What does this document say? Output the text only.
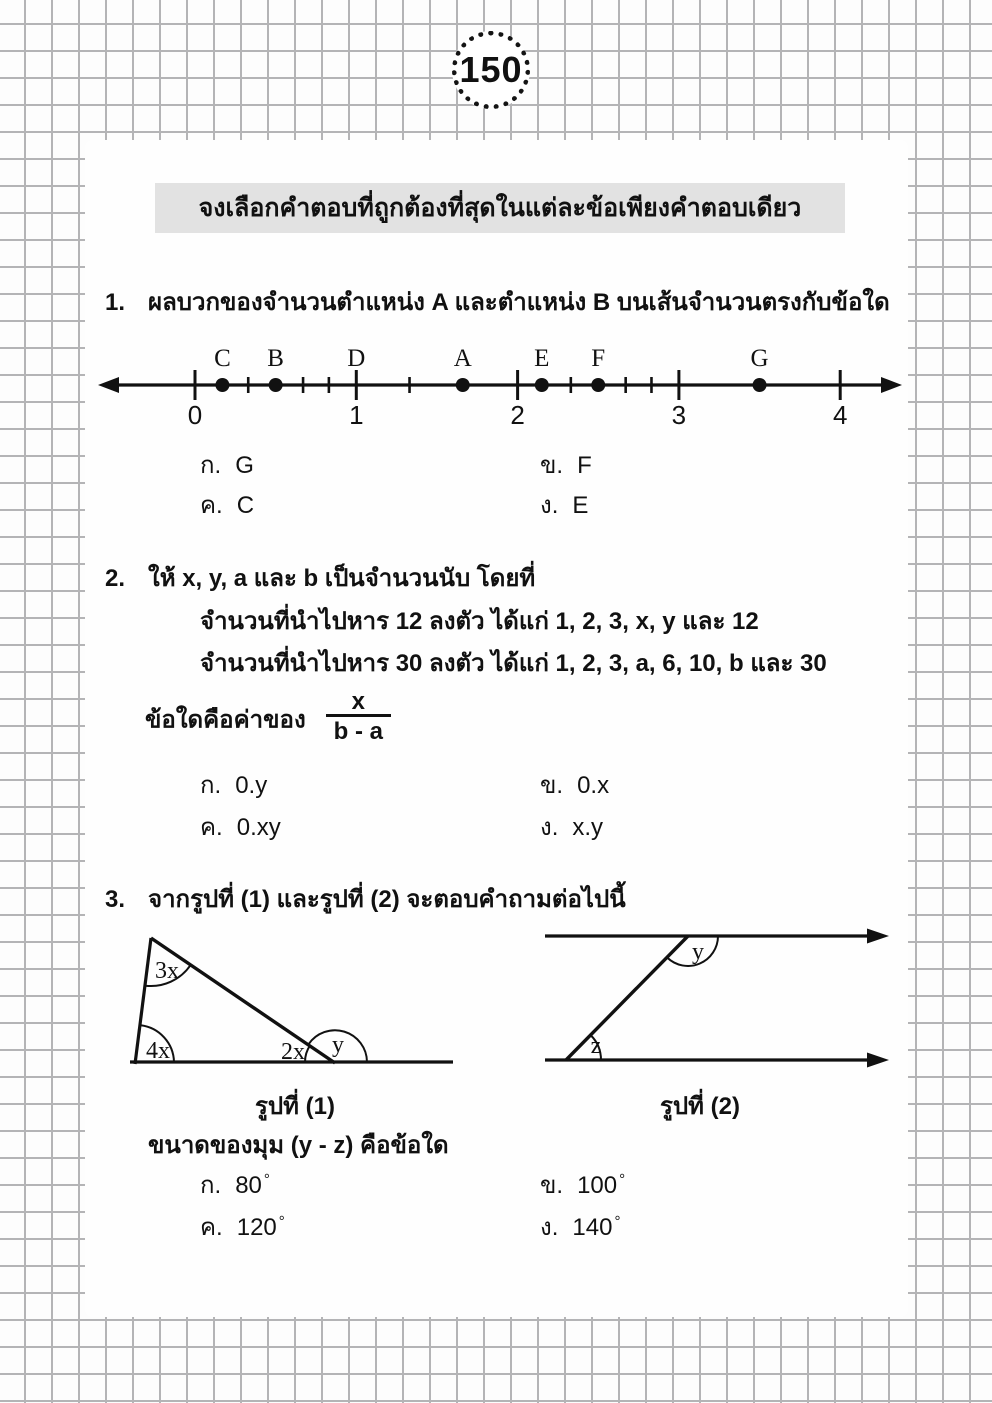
150
จงเลือกคำตอบที่ถูกต้องที่สุดในแต่ละข้อเพียงคำตอบเดียว
1. ผลบวกของจำนวนตำแหน่ง A และตำแหน่ง B บนเส้นจำนวนตรงกับข้อใด
0	1	2	3	4
C B	D	A E F	G
ก. G	ข. F
ค. C	ง. E
2. ให้ x, y, a และ b เป็นจำนวนนับ โดยที่
จำนวนที่นำไปหาร 12 ลงตัว ได้แก่ 1, 2, 3, x, y และ 12
จำนวนที่นำไปหาร 30 ลงตัว ได้แก่ 1, 2, 3, a, 6, 10, b และ 30
ข้อใดคือค่าของ $\frac{x}{b - a}$
ก. 0.y	ข. 0.x
ค. 0.xy	ง. x.y
3. จากรูปที่ (1) และรูปที่ (2) จะตอบคำถามต่อไปนี้
3x
4x	2x y
y
z
รูปที่ (1)	รูปที่ (2)
ขนาดของมุม (y - z) คือข้อใด
ก. 80 °	ข. 100 °
ค. 120 °	ง. 140 °
